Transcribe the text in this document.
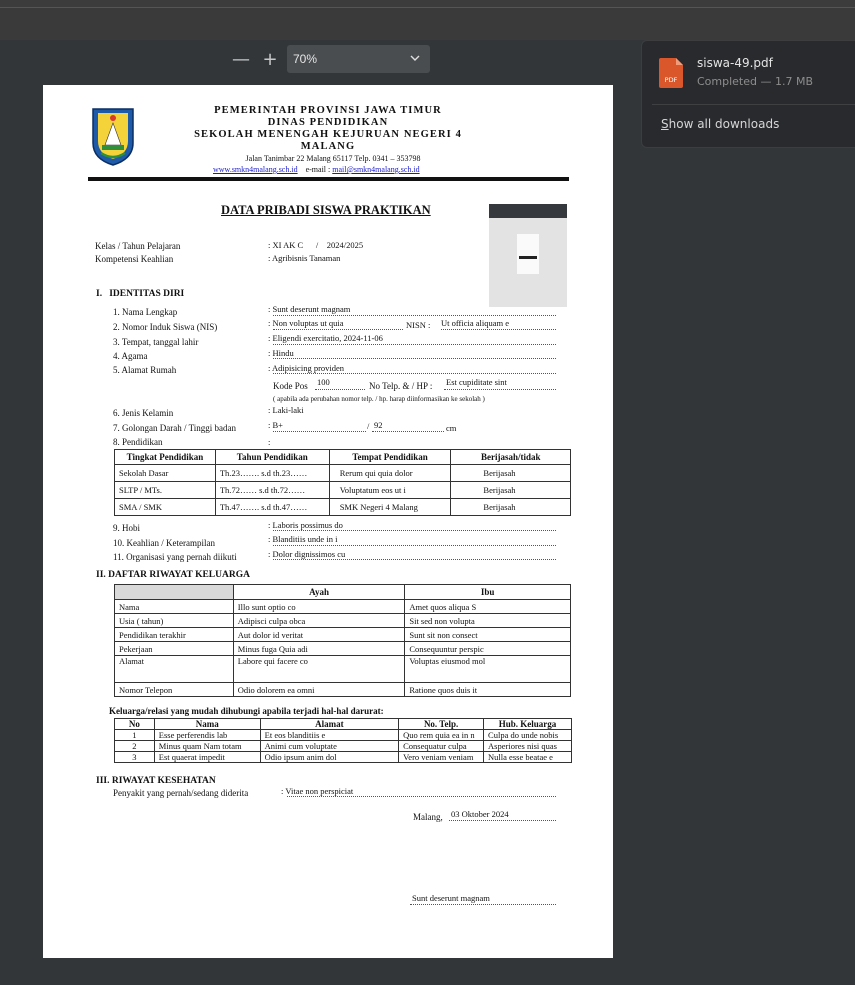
— +	70%
PDF
siswa-49.pdf
Completed — 1.7 MB
Show all downloads
PEMERINTAH PROVINSI JAWA TIMUR
DINAS PENDIDIKAN
SEKOLAH MENENGAH KEJURUAN NEGERI 4
MALANG
Jalan Tanimbar 22 Malang 65117 Telp. 0341 – 353798
www.smkn4malang.sch.id e-mail : mail@smkn4malang.sch.id
DATA PRIBADI SISWA PRAKTIKAN
Kelas / Tahun Pelajaran	: XI AK C      /    2024/2025
Kompetensi Keahlian	: Agribisnis Tanaman
I.   IDENTITAS DIRI
1. Nama Lengkap	: Sunt deserunt magnam
2. Nomor Induk Siswa (NIS)	: Non voluptas ut quia	NISN : Ut officia aliquam e
3. Tempat, tanggal lahir	: Eligendi exercitatio, 2024-11-06
4. Agama	: Hindu
5. Alamat Rumah	: Adipisicing providen
Kode Pos 100	No Telp. & / HP : Est cupiditate sint
( apabila ada perubahan nomor telp. / hp. harap diinformasikan ke sekolah )
6. Jenis Kelamin	: Laki-laki
7. Golongan Darah / Tinggi badan	: B+	/ 92	cm
8. Pendidikan	:
Tingkat Pendidikan	Tahun Pendidikan	Tempat Pendidikan	Berijasah/tidak
Sekolah Dasar	Th.23……. s.d th.23……	Rerum qui quia dolor	Berijasah
SLTP / MTs.	Th.72…… s.d th.72……	Voluptatum eos ut i	Berijasah
SMA / SMK	Th.47……. s.d th.47……	SMK Negeri 4 Malang	Berijasah
9. Hobi	: Laboris possimus do
10. Keahlian / Keterampilan	: Blanditiis unde in i
11. Organisasi yang pernah diikuti	: Dolor dignissimos cu
II. DAFTAR RIWAYAT KELUARGA
	Ayah	Ibu
Nama	Illo sunt optio co	Amet quos aliqua S
Usia ( tahun)	Adipisci culpa obca	Sit sed non volupta
Pendidikan terakhir	Aut dolor id veritat	Sunt sit non consect
Pekerjaan	Minus fuga Quia adi	Consequuntur perspic
Alamat	Labore qui facere co	Voluptas eiusmod mol
Nomor Telepon	Odio dolorem ea omni	Ratione quos duis it
Keluarga/relasi yang mudah dihubungi apabila terjadi hal-hal darurat:
No	Nama	Alamat	No. Telp.	Hub. Keluarga
1	Esse perferendis lab	Et eos blanditiis e	Quo rem quia ea in n	Culpa do unde nobis
2	Minus quam Nam totam	Animi cum voluptate	Consequatur culpa	Asperiores nisi quas
3	Est quaerat impedit	Odio ipsum anim dol	Vero veniam veniam	Nulla esse beatae e
III. RIWAYAT KESEHATAN
Penyakit yang pernah/sedang diderita	: Vitae non perspiciat
Malang, 03 Oktober 2024
Sunt deserunt magnam
